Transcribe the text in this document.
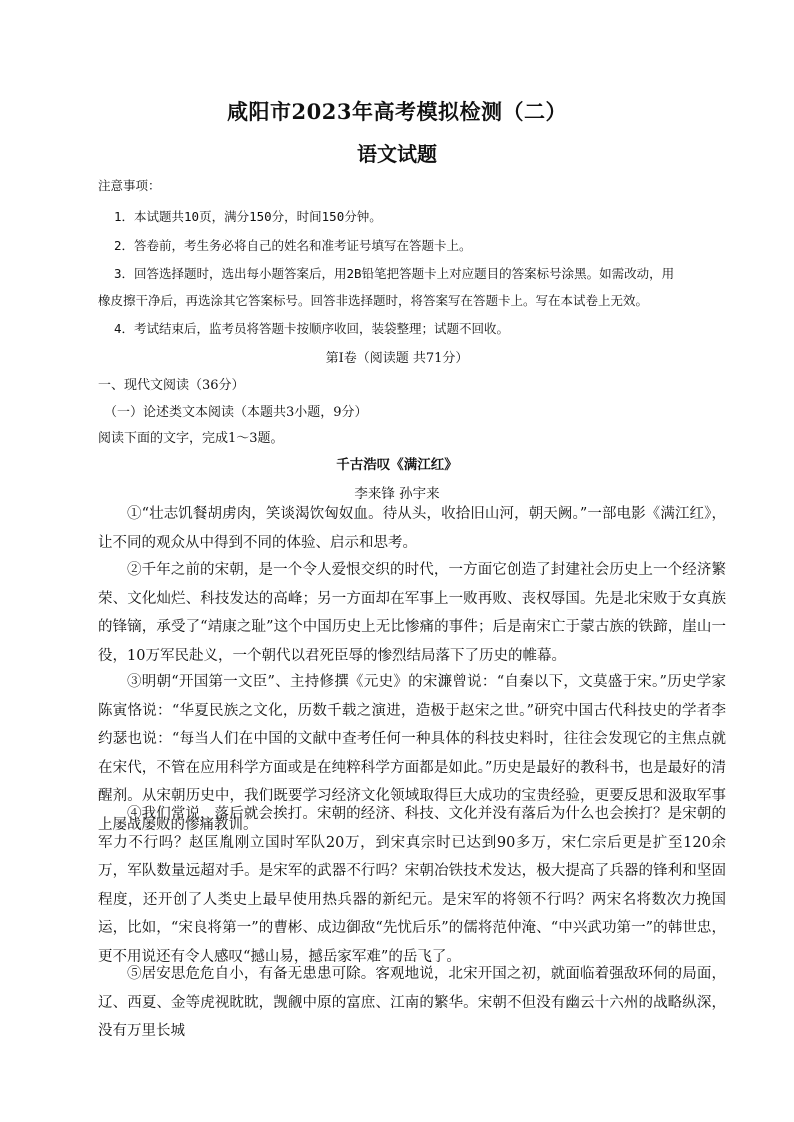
咸阳市2023年高考模拟检测（二）
语文试题
注意事项：
1．本试题共10页，满分150分，时间150分钟。
2．答卷前，考生务必将自己的姓名和准考证号填写在答题卡上。
3．回答选择题时，选出每小题答案后，用2B铅笔把答题卡上对应题目的答案标号涂黑。如需改动，用
橡皮擦干净后，再选涂其它答案标号。回答非选择题时，将答案写在答题卡上。写在本试卷上无效。
4．考试结束后，监考员将答题卡按顺序收回，装袋整理；试题不回收。
第Ⅰ卷（阅读题 共71分）
一、现代文阅读（36分）
（一）论述类文本阅读（本题共3小题，9分）
阅读下面的文字，完成1～3题。
千古浩叹《满江红》
李来锋 孙宇来

①“壮志饥餐胡虏肉，笑谈渴饮匈奴血。待从头，收拾旧山河，朝天阙。”一部电影《满江红》，让不同的观众从中得到不同的体验、启示和思考。

②千年之前的宋朝，是一个令人爱恨交织的时代，一方面它创造了封建社会历史上一个经济繁荣、文化灿烂、科技发达的高峰；另一方面却在军事上一败再败、丧权辱国。先是北宋败于女真族的锋镝，承受了“靖康之耻”这个中国历史上无比惨痛的事件；后是南宋亡于蒙古族的铁蹄，崖山一役，10万军民赴义，一个朝代以君死臣辱的惨烈结局落下了历史的帷幕。

③明朝“开国第一文臣”、主持修撰《元史》的宋濂曾说：“自秦以下，文莫盛于宋。”历史学家陈寅恪说：“华夏民族之文化，历数千载之演进，造极于赵宋之世。”研究中国古代科技史的学者李约瑟也说：“每当人们在中国的文献中查考任何一种具体的科技史料时，往往会发现它的主焦点就在宋代，不管在应用科学方面或是在纯粹科学方面都是如此。”历史是最好的教科书，也是最好的清醒剂。从宋朝历史中，我们既要学习经济文化领域取得巨大成功的宝贵经验，更要反思和汲取军事上屡战屡败的惨痛教训。

④我们常说，落后就会挨打。宋朝的经济、科技、文化并没有落后为什么也会挨打？是宋朝的军力不行吗？赵匡胤刚立国时军队20万，到宋真宗时已达到90多万，宋仁宗后更是扩至120余万，军队数量远超对手。是宋军的武器不行吗？宋朝冶铁技术发达，极大提高了兵器的锋利和坚固程度，还开创了人类史上最早使用热兵器的新纪元。是宋军的将领不行吗？两宋名将数次力挽国运，比如，“宋良将第一”的曹彬、成边御敌“先忧后乐”的儒将范仲淹、“中兴武功第一”的韩世忠，更不用说还有令人感叹“撼山易，撼岳家军难”的岳飞了。

⑤居安思危危自小，有备无患患可除。客观地说，北宋开国之初，就面临着强敌环伺的局面，辽、西夏、金等虎视眈眈，觊觎中原的富庶、江南的繁华。宋朝不但没有幽云十六州的战略纵深，没有万里长城
